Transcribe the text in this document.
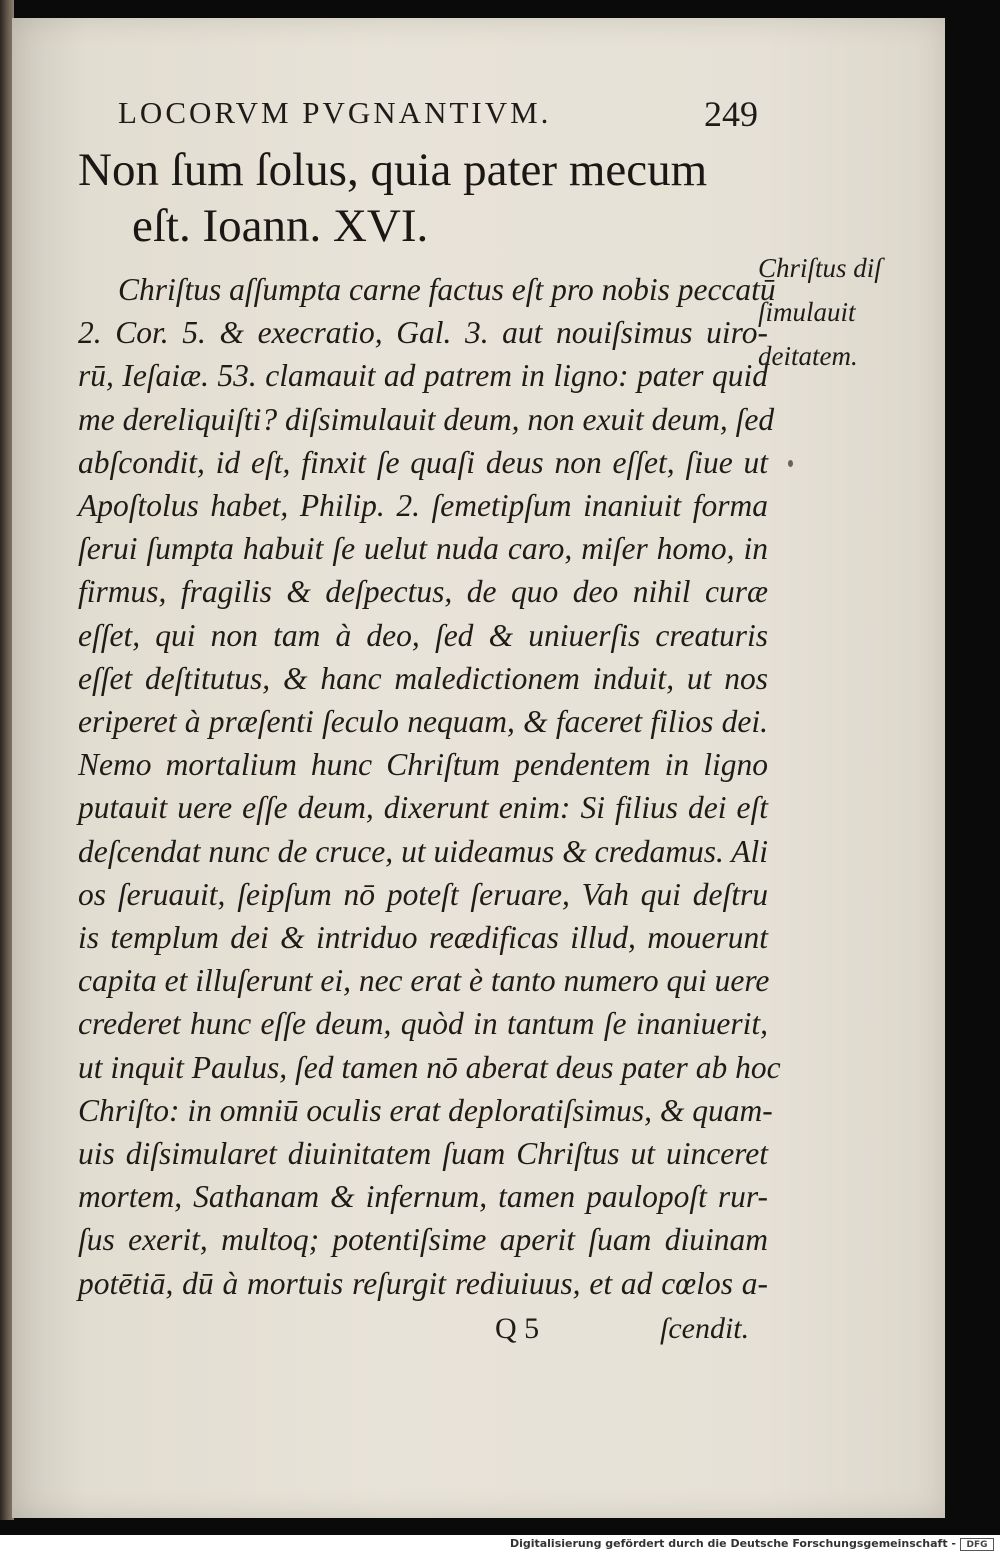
LOCORVM PVGNANTIVM.	249
Non ſum ſolus, quia pater mecum
eſt. Ioann. XVI.
Chriſtus diſ
ſimulauit
deitatem.
Chriſtus aſſumpta carne factus eſt pro nobis peccatū
2. Cor. 5. & execratio, Gal. 3. aut nouiſsimus uiro-
rū, Ieſaiæ. 53. clamauit ad patrem in ligno: pater quid
me dereliquiſti? diſsimulauit deum, non exuit deum, ſed
abſcondit, id eſt, finxit ſe quaſi deus non eſſet, ſiue ut
Apoſtolus habet, Philip. 2. ſemetipſum inaniuit forma
ſerui ſumpta habuit ſe uelut nuda caro, miſer homo, in
firmus, fragilis & deſpectus, de quo deo nihil curæ
eſſet, qui non tam à deo, ſed & uniuerſis creaturis
eſſet deſtitutus, & hanc maledictionem induit, ut nos
eriperet à præſenti ſeculo nequam, & faceret filios dei.
Nemo mortalium hunc Chriſtum pendentem in ligno
putauit uere eſſe deum, dixerunt enim: Si filius dei eſt
deſcendat nunc de cruce, ut uideamus & credamus. Ali
os ſeruauit, ſeipſum nō poteſt ſeruare, Vah qui deſtru
is templum dei & intriduo reædificas illud, mouerunt
capita et illuſerunt ei, nec erat è tanto numero qui uere
crederet hunc eſſe deum, quòd in tantum ſe inaniuerit,
ut inquit Paulus, ſed tamen nō aberat deus pater ab hoc
Chriſto: in omniū oculis erat deploratiſsimus, & quam-
uis diſsimularet diuinitatem ſuam Chriſtus ut uinceret
mortem, Sathanam & infernum, tamen paulopoſt rur-
ſus exerit, multoq; potentiſsime aperit ſuam diuinam
potētiā, dū à mortuis reſurgit rediuiuus, et ad cœlos a-
Q 5	ſcendit.
Digitalisierung gefördert durch die Deutsche Forschungsgemeinschaft -	DFG
